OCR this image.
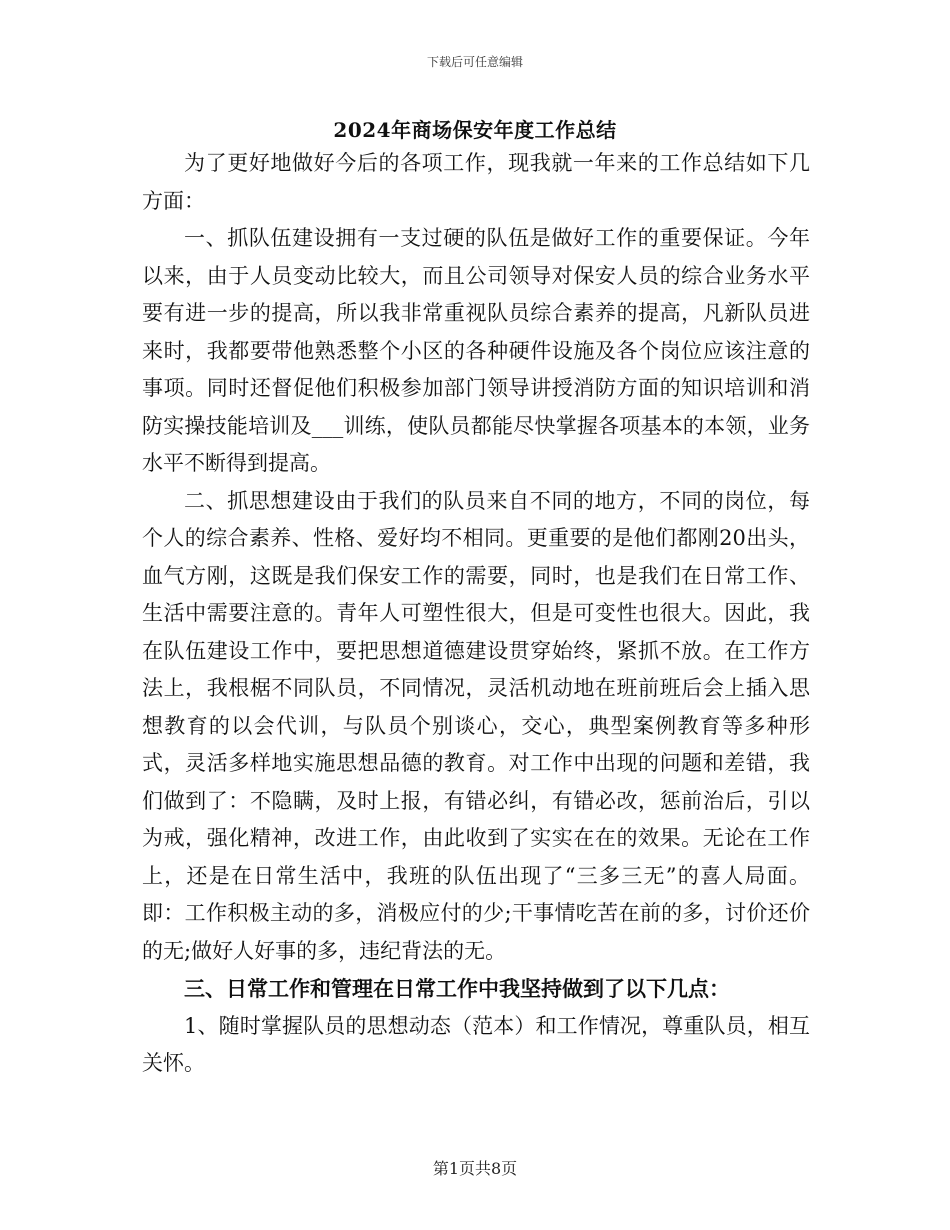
下载后可任意编辑
2024年商场保安年度工作总结

为了更好地做好今后的各项工作，现我就一年来的工作总结如下几方面：

一、抓队伍建设拥有一支过硬的队伍是做好工作的重要保证。今年以来，由于人员变动比较大，而且公司领导对保安人员的综合业务水平要有进一步的提高，所以我非常重视队员综合素养的提高，凡新队员进来时，我都要带他熟悉整个小区的各种硬件设施及各个岗位应该注意的事项。同时还督促他们积极参加部门领导讲授消防方面的知识培训和消防实操技能培训及___训练，使队员都能尽快掌握各项基本的本领，业务水平不断得到提高。

二、抓思想建设由于我们的队员来自不同的地方，不同的岗位，每个人的综合素养、性格、爱好均不相同。更重要的是他们都刚20出头，血气方刚，这既是我们保安工作的需要，同时，也是我们在日常工作、生活中需要注意的。青年人可塑性很大，但是可变性也很大。因此，我在队伍建设工作中，要把思想道德建设贯穿始终，紧抓不放。在工作方法上，我根椐不同队员，不同情况，灵活机动地在班前班后会上插入思想教育的以会代训，与队员个别谈心，交心，典型案例教育等多种形式，灵活多样地实施思想品德的教育。对工作中出现的问题和差错，我们做到了：不隐瞒，及时上报，有错必纠，有错必改，惩前治后，引以为戒，强化精神，改进工作，由此收到了实实在在的效果。无论在工作上，还是在日常生活中，我班的队伍出现了“三多三无”的喜人局面。即：工作积极主动的多，消极应付的少;干事情吃苦在前的多，讨价还价的无;做好人好事的多，违纪背法的无。

三、日常工作和管理在日常工作中我坚持做到了以下几点：

1、随时掌握队员的思想动态（范本）和工作情况，尊重队员，相互关怀。

第1页共8页
